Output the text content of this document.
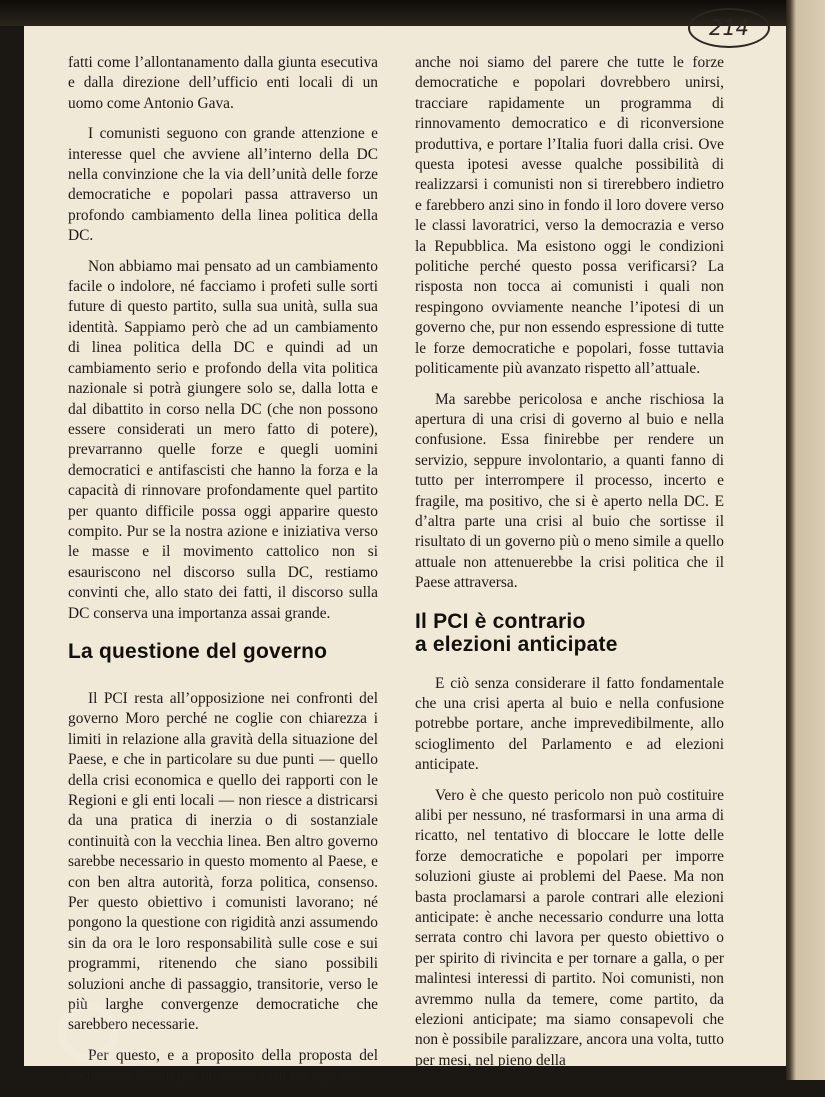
214

fatti come l’allontanamento dalla giunta esecutiva e dalla direzione dell’ufficio enti locali di un uomo come Antonio Gava.

I comunisti seguono con grande attenzione e interesse quel che avviene all’interno della DC nella convinzione che la via dell’unità delle forze democratiche e popolari passa attraverso un profondo cambiamento della linea politica della DC.

Non abbiamo mai pensato ad un cambiamento facile o indolore, né facciamo i profeti sulle sorti future di questo partito, sulla sua unità, sulla sua identità. Sappiamo però che ad un cambiamento di linea politica della DC e quindi ad un cambiamento serio e profondo della vita politica nazionale si potrà giungere solo se, dalla lotta e dal dibattito in corso nella DC (che non possono essere considerati un mero fatto di potere), prevarranno quelle forze e quegli uomini democratici e antifascisti che hanno la forza e la capacità di rinnovare profondamente quel partito per quanto difficile possa oggi apparire questo compito. Pur se la nostra azione e iniziativa verso le masse e il movimento cattolico non si esauriscono nel discorso sulla DC, restiamo convinti che, allo stato dei fatti, il discorso sulla DC conserva una importanza assai grande.

La questione del governo

Il PCI resta all’opposizione nei confronti del governo Moro perché ne coglie con chiarezza i limiti in relazione alla gravità della situazione del Paese, e che in particolare su due punti — quello della crisi economica e quello dei rapporti con le Regioni e gli enti locali — non riesce a districarsi da una pratica di inerzia o di sostanziale continuità con la vecchia linea. Ben altro governo sarebbe necessario in questo momento al Paese, e con ben altra autorità, forza politica, consenso. Per questo obiettivo i comunisti lavorano; né pongono la questione con rigidità anzi assumendo sin da ora le loro responsabilità sulle cose e sui programmi, ritenendo che siano possibili soluzioni anche di passaggio, transitorie, verso le più larghe convergenze democratiche che sarebbero necessarie.

Per questo, e a proposito della proposta del compagno Nenni per un governo di emergenza,

anche noi siamo del parere che tutte le forze democratiche e popolari dovrebbero unirsi, tracciare rapidamente un programma di rinnovamento democratico e di riconversione produttiva, e portare l’Italia fuori dalla crisi. Ove questa ipotesi avesse qualche possibilità di realizzarsi i comunisti non si tirerebbero indietro e farebbero anzi sino in fondo il loro dovere verso le classi lavoratrici, verso la democrazia e verso la Repubblica. Ma esistono oggi le condizioni politiche perché questo possa verificarsi? La risposta non tocca ai comunisti i quali non respingono ovviamente neanche l’ipotesi di un governo che, pur non essendo espressione di tutte le forze democratiche e popolari, fosse tuttavia politicamente più avanzato rispetto all’attuale.

Ma sarebbe pericolosa e anche rischiosa la apertura di una crisi di governo al buio e nella confusione. Essa finirebbe per rendere un servizio, seppure involontario, a quanti fanno di tutto per interrompere il processo, incerto e fragile, ma positivo, che si è aperto nella DC. E d’altra parte una crisi al buio che sortisse il risultato di un governo più o meno simile a quello attuale non attenuerebbe la crisi politica che il Paese attraversa.

Il PCI è contrario
a elezioni anticipate

E ciò senza considerare il fatto fondamentale che una crisi aperta al buio e nella confusione potrebbe portare, anche imprevedibilmente, allo scioglimento del Parlamento e ad elezioni anticipate.

Vero è che questo pericolo non può costituire alibi per nessuno, né trasformarsi in una arma di ricatto, nel tentativo di bloccare le lotte delle forze democratiche e popolari per imporre soluzioni giuste ai problemi del Paese. Ma non basta proclamarsi a parole contrari alle elezioni anticipate: è anche necessario condurre una lotta serrata contro chi lavora per questo obiettivo o per spirito di rivincita e per tornare a galla, o per malintesi interessi di partito. Noi comunisti, non avremmo nulla da temere, come partito, da elezioni anticipate; ma siamo consapevoli che non è possibile paralizzare, ancora una volta, tutto per mesi, nel pieno della
